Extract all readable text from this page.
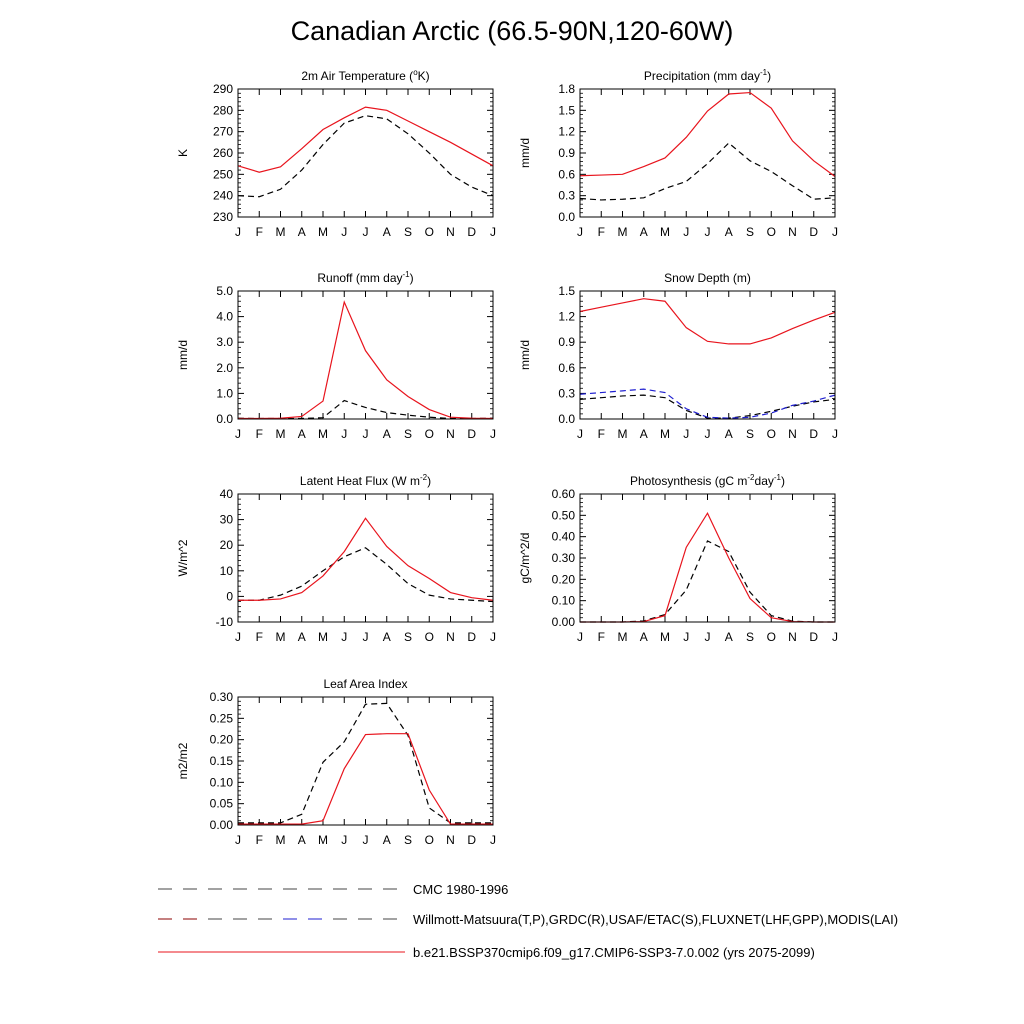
Canadian Arctic (66.5-90N,120-60W)
2m Air Temperature ($^o$K)
K
230
240
250
260
270
280
290
J F M A M J J A S O N D J
Precipitation (mm day$^{-1}$)
mm/d
0.0
0.3
0.6
0.9
1.2
1.5
1.8
J F M A M J J A S O N D J
Runoff (mm day$^{-1}$)
mm/d
0.0
1.0
2.0
3.0
4.0
5.0
J F M A M J J A S O N D J
Snow Depth (m)
mm/d
0.0
0.3
0.6
0.9
1.2
1.5
J F M A M J J A S O N D J
Latent Heat Flux (W $m^{-2}$)
W/m^2
-10
0
10
20
30
40
J F M A M J J A S O N D J
Photosynthesis (gC $m^{-2}day^{-1}$)
gC/m^2/d
0.00
0.10
0.20
0.30
0.40
0.50
0.60
J F M A M J J A S O N D J
Leaf Area Index
m2/m2
0.00
0.05
0.10
0.15
0.20
0.25
0.30
J F M A M J J A S O N D J
CMC 1980-1996
Willmott-Matsuura(T,P),GRDC(R),USAF/ETAC(S),FLUXNET(LHF,GPP),MODIS(LAI)
b.e21.BSSP370cmip6.f09_g17.CMIP6-SSP3-7.0.002 (yrs 2075-2099)
